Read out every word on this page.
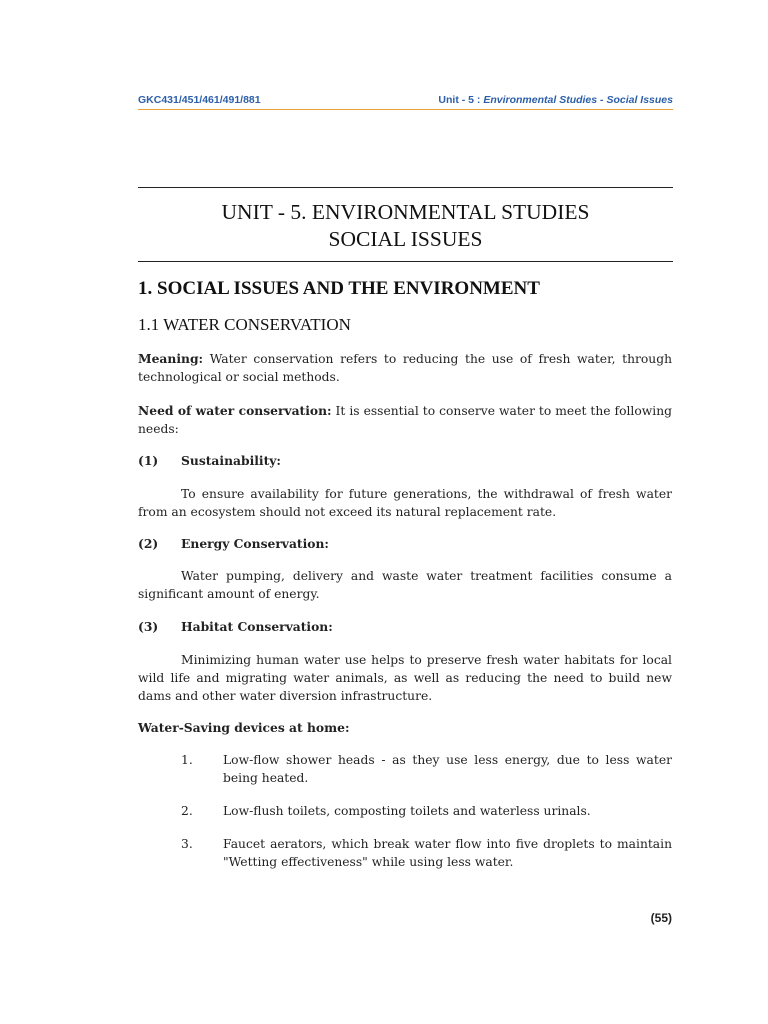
GKC431/451/461/491/881	Unit - 5 : Environmental Studies - Social Issues
UNIT - 5. ENVIRONMENTAL STUDIES
SOCIAL ISSUES
1. SOCIAL ISSUES AND THE ENVIRONMENT
1.1 WATER CONSERVATION
Meaning: Water conservation refers to reducing the use of fresh water, through technological or social methods.
Need of water conservation: It is essential to conserve water to meet the following needs:
(1) Sustainability:
To ensure availability for future generations, the withdrawal of fresh water from an ecosystem should not exceed its natural replacement rate.
(2) Energy Conservation:
Water pumping, delivery and waste water treatment facilities consume a significant amount of energy.
(3) Habitat Conservation:
Minimizing human water use helps to preserve fresh water habitats for local wild life and migrating water animals, as well as reducing the need to build new dams and other water diversion infrastructure.
Water-Saving devices at home:
1. Low-flow shower heads - as they use less energy, due to less water being heated.
2. Low-flush toilets, composting toilets and waterless urinals.
3. Faucet aerators, which break water flow into five droplets to maintain "Wetting effectiveness" while using less water.
(55)
